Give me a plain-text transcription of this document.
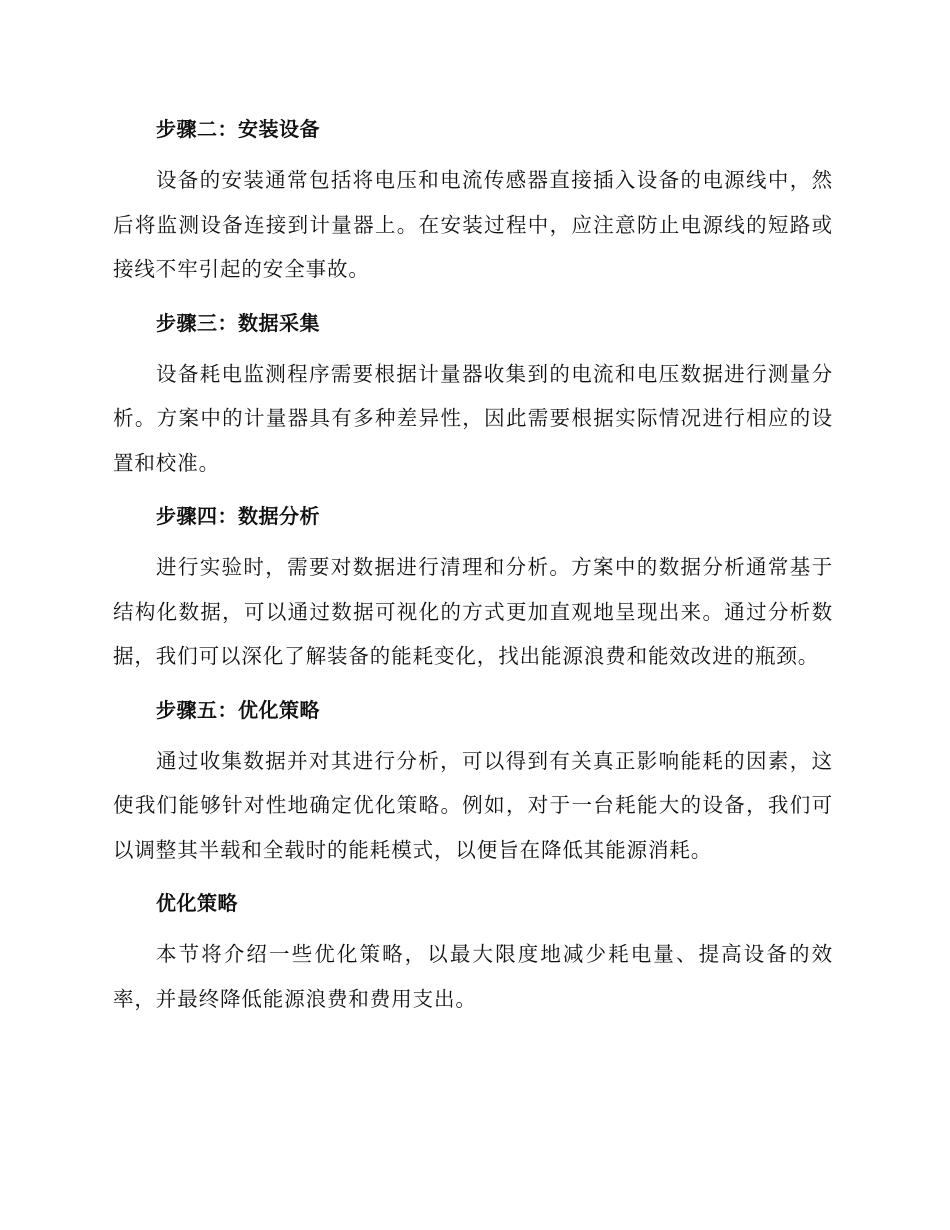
步骤二：安装设备

设备的安装通常包括将电压和电流传感器直接插入设备的电源线中，然后将监测设备连接到计量器上。在安装过程中，应注意防止电源线的短路或接线不牢引起的安全事故。

步骤三：数据采集

设备耗电监测程序需要根据计量器收集到的电流和电压数据进行测量分析。方案中的计量器具有多种差异性，因此需要根据实际情况进行相应的设置和校准。

步骤四：数据分析

进行实验时，需要对数据进行清理和分析。方案中的数据分析通常基于结构化数据，可以通过数据可视化的方式更加直观地呈现出来。通过分析数据，我们可以深化了解装备的能耗变化，找出能源浪费和能效改进的瓶颈。

步骤五：优化策略

通过收集数据并对其进行分析，可以得到有关真正影响能耗的因素，这使我们能够针对性地确定优化策略。例如，对于一台耗能大的设备，我们可以调整其半载和全载时的能耗模式，以便旨在降低其能源消耗。

优化策略

本节将介绍一些优化策略，以最大限度地减少耗电量、提高设备的效率，并最终降低能源浪费和费用支出。
